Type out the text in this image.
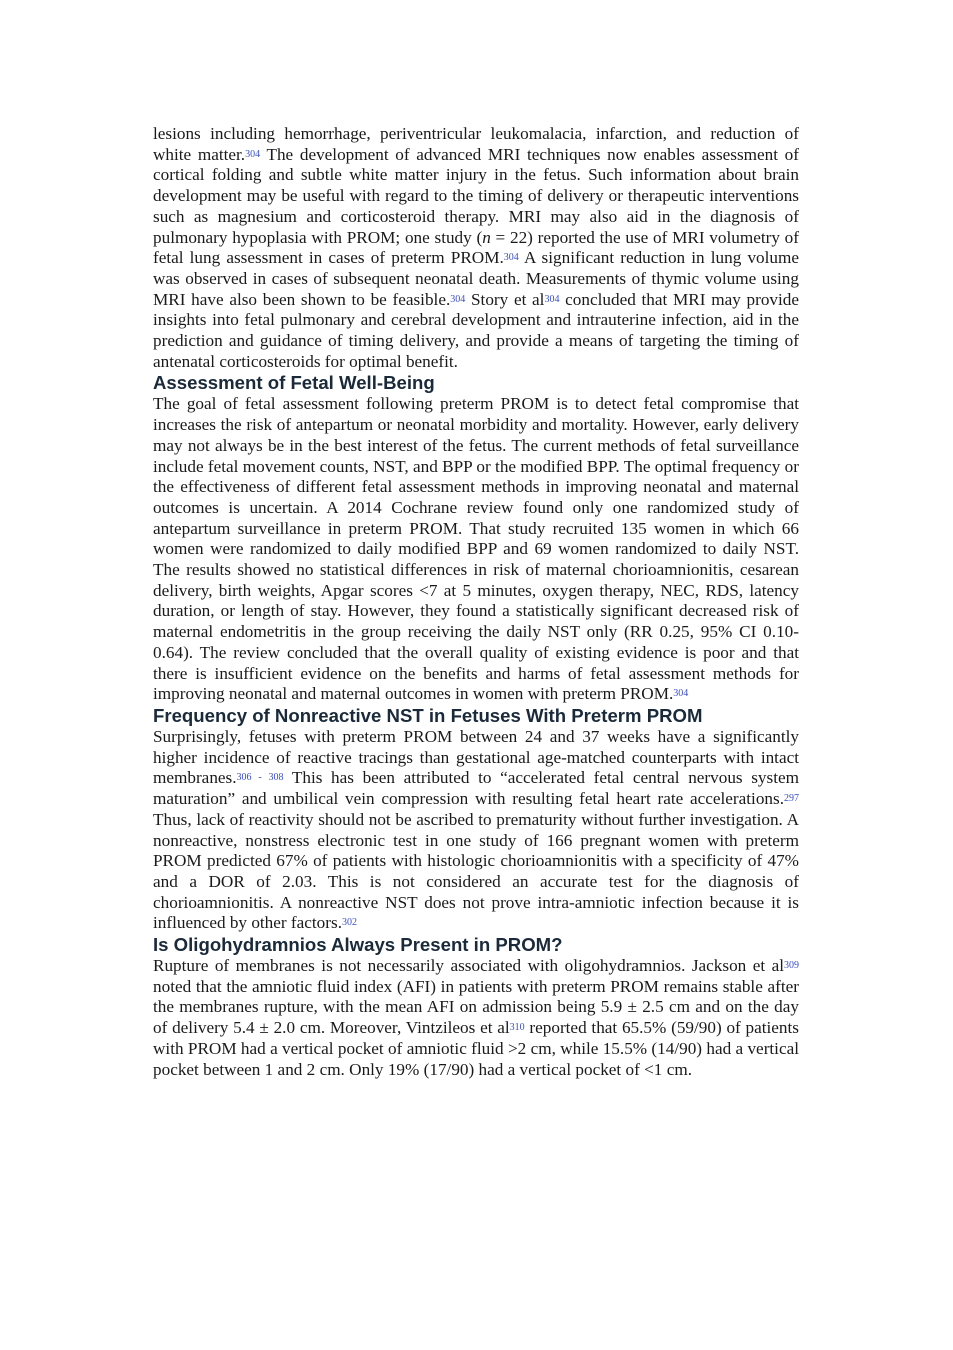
lesions including hemorrhage, periventricular leukomalacia, infarction, and reduction of white matter.304 The development of advanced MRI techniques now enables assessment of cortical folding and subtle white matter injury in the fetus. Such information about brain development may be useful with regard to the timing of delivery or therapeutic interventions such as magnesium and corticosteroid therapy. MRI may also aid in the diagnosis of pulmonary hypoplasia with PROM; one study (n = 22) reported the use of MRI volumetry of fetal lung assessment in cases of preterm PROM.304 A significant reduction in lung volume was observed in cases of subsequent neonatal death. Measurements of thymic volume using MRI have also been shown to be feasible.304 Story et al304 concluded that MRI may provide insights into fetal pulmonary and cerebral development and intrauterine infection, aid in the prediction and guidance of timing delivery, and provide a means of targeting the timing of antenatal corticosteroids for optimal benefit.

Assessment of Fetal Well-Being

The goal of fetal assessment following preterm PROM is to detect fetal compromise that increases the risk of antepartum or neonatal morbidity and mortality. However, early delivery may not always be in the best interest of the fetus. The current methods of fetal surveillance include fetal movement counts, NST, and BPP or the modified BPP. The optimal frequency or the effectiveness of different fetal assessment methods in improving neonatal and maternal outcomes is uncertain. A 2014 Cochrane review found only one randomized study of antepartum surveillance in preterm PROM. That study recruited 135 women in which 66 women were randomized to daily modified BPP and 69 women randomized to daily NST. The results showed no statistical differences in risk of maternal chorioamnionitis, cesarean delivery, birth weights, Apgar scores <7 at 5 minutes, oxygen therapy, NEC, RDS, latency duration, or length of stay. However, they found a statistically significant decreased risk of maternal endometritis in the group receiving the daily NST only (RR 0.25, 95% CI 0.10-0.64). The review concluded that the overall quality of existing evidence is poor and that there is insufficient evidence on the benefits and harms of fetal assessment methods for improving neonatal and maternal outcomes in women with preterm PROM.304

Frequency of Nonreactive NST in Fetuses With Preterm PROM

Surprisingly, fetuses with preterm PROM between 24 and 37 weeks have a significantly higher incidence of reactive tracings than gestational age-matched counterparts with intact membranes.306 - 308 This has been attributed to “accelerated fetal central nervous system maturation” and umbilical vein compression with resulting fetal heart rate accelerations.297 Thus, lack of reactivity should not be ascribed to prematurity without further investigation. A nonreactive, nonstress electronic test in one study of 166 pregnant women with preterm PROM predicted 67% of patients with histologic chorioamnionitis with a specificity of 47% and a DOR of 2.03. This is not considered an accurate test for the diagnosis of chorioamnionitis. A nonreactive NST does not prove intra-amniotic infection because it is influenced by other factors.302

Is Oligohydramnios Always Present in PROM?

Rupture of membranes is not necessarily associated with oligohydramnios. Jackson et al309 noted that the amniotic fluid index (AFI) in patients with preterm PROM remains stable after the membranes rupture, with the mean AFI on admission being 5.9 ± 2.5 cm and on the day of delivery 5.4 ± 2.0 cm. Moreover, Vintzileos et al310 reported that 65.5% (59/90) of patients with PROM had a vertical pocket of amniotic fluid >2 cm, while 15.5% (14/90) had a vertical pocket between 1 and 2 cm. Only 19% (17/90) had a vertical pocket of <1 cm.
